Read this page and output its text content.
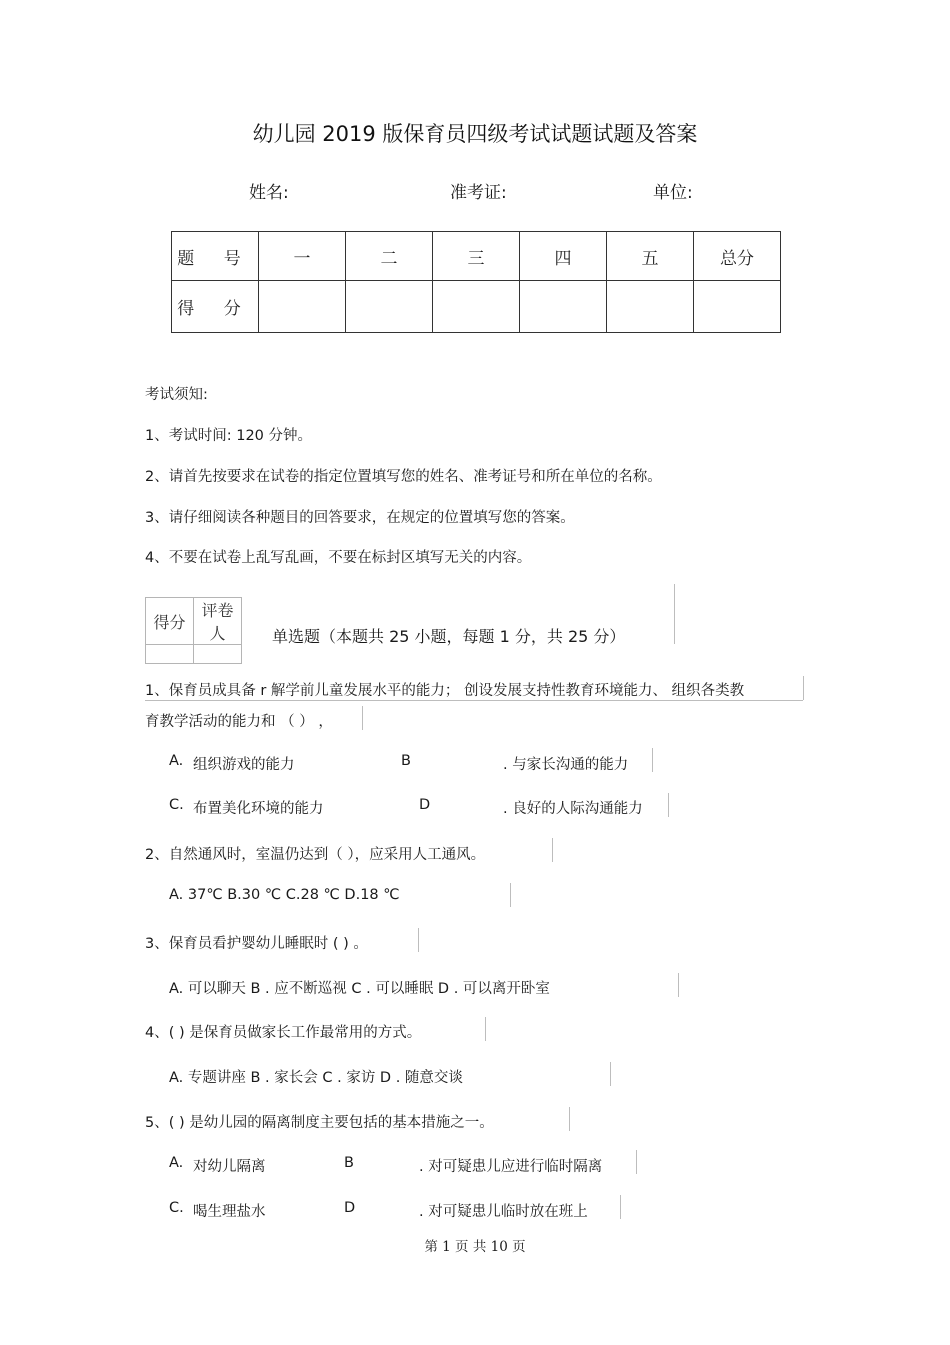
幼儿园 2019 版保育员四级考试试题试题及答案
姓名:	准考证:	单位:
题 号	一	二	三	四	五	总分
得 分						
考试须知:
1、考试时间: 120 分钟。
2、请首先按要求在试卷的指定位置填写您的姓名、准考证号和所在单位的名称。
3、请仔细阅读各种题目的回答要求，在规定的位置填写您的答案。
4、不要在试卷上乱写乱画，不要在标封区填写无关的内容。
得分	评卷人
		单选题（本题共 25 小题，每题 1 分，共 25 分）
1、保育员成具备 r 解学前儿童发展水平的能力； 创设发展支持性教育环境能力、 组织各类教
育教学活动的能力和 （ ） ，
A. 组织游戏的能力	B	. 与家长沟通的能力
C. 布置美化环境的能力	D	. 良好的人际沟通能力
2、自然通风时，室温仍达到（ ），应采用人工通风。
A. 37℃ B.30 ℃ C.28 ℃ D.18 ℃
3、保育员看护婴幼儿睡眠时 ( ) 。
A. 可以聊天 B . 应不断巡视 C . 可以睡眠 D . 可以离开卧室
4、( ) 是保育员做家长工作最常用的方式。
A. 专题讲座 B . 家长会 C . 家访 D . 随意交谈
5、( ) 是幼儿园的隔离制度主要包括的基本措施之一。
A. 对幼儿隔离	B	. 对可疑患儿应进行临时隔离
C. 喝生理盐水	D	. 对可疑患儿临时放在班上
第 1 页 共 10 页
